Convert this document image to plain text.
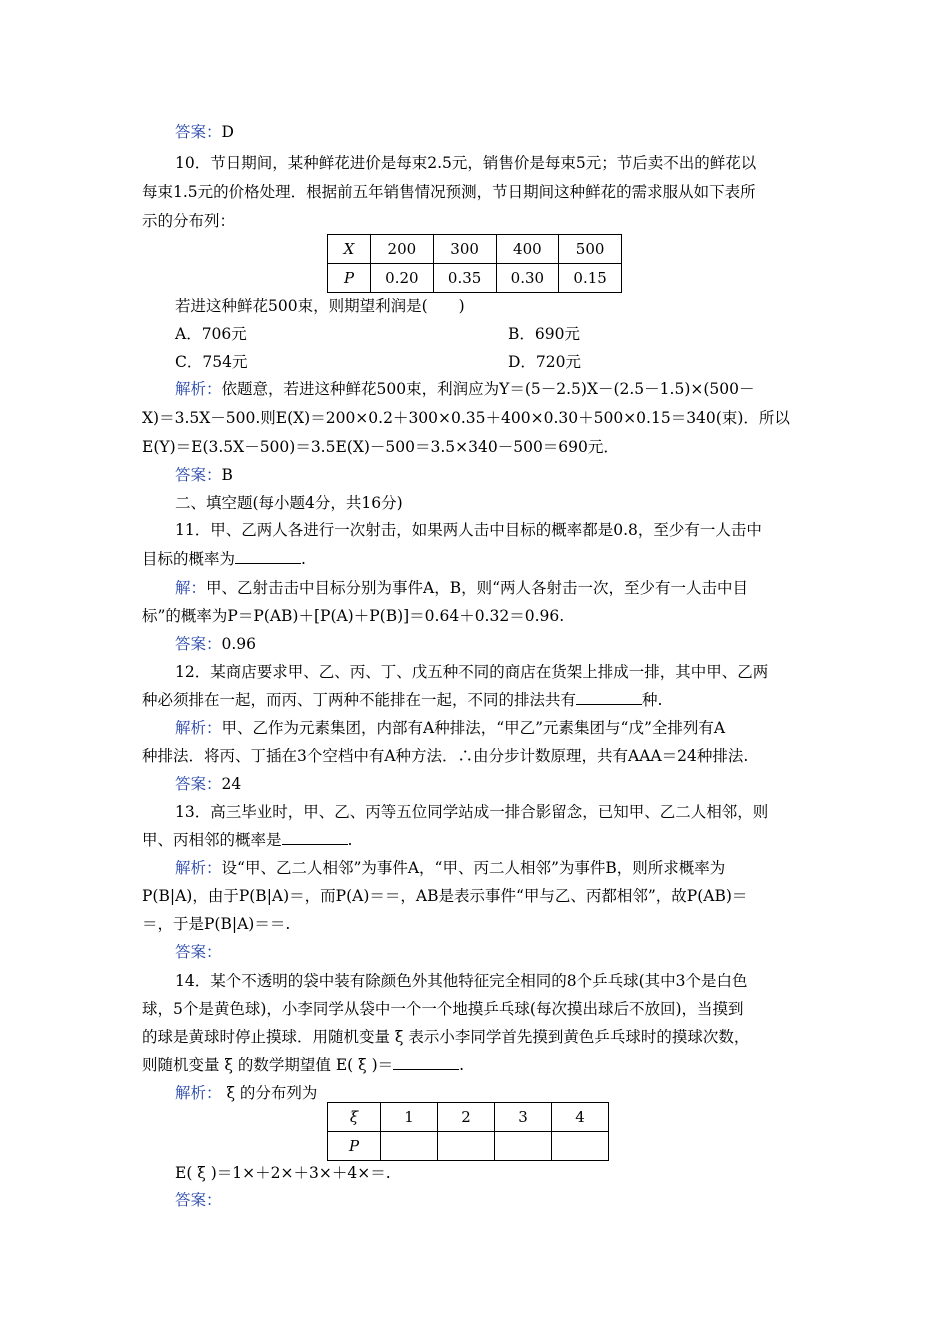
答案：D
10．节日期间，某种鲜花进价是每束2.5元，销售价是每束5元；节后卖不出的鲜花以
每束1.5元的价格处理．根据前五年销售情况预测，节日期间这种鲜花的需求服从如下表所
示的分布列：
X	200	300	400	500
P	0.20	0.35	0.30	0.15
若进这种鲜花500束，则期望利润是(　　)
A．706元	B．690元
C．754元	D．720元
解析：依题意，若进这种鲜花500束，利润应为Y＝(5－2.5)X－(2.5－1.5)×(500－
X)＝3.5X－500.则E(X)＝200×0.2＋300×0.35＋400×0.30＋500×0.15＝340(束)．所以
E(Y)＝E(3.5X－500)＝3.5E(X)－500＝3.5×340－500＝690元．
答案：B
二、填空题(每小题4分，共16分)
11．甲、乙两人各进行一次射击，如果两人击中目标的概率都是0.8，至少有一人击中
目标的概率为	.
解：甲、乙射击击中目标分别为事件A，B，则“两人各射击一次，至少有一人击中目
标”的概率为P＝P(AB)＋[P(A)＋P(B)]＝0.64＋0.32＝0.96.
答案：0.96
12．某商店要求甲、乙、丙、丁、戊五种不同的商店在货架上排成一排，其中甲、乙两
种必须排在一起，而丙、丁两种不能排在一起，不同的排法共有	种.
解析：甲、乙作为元素集团，内部有A种排法，“甲乙”元素集团与“戊”全排列有A
种排法．将丙、丁插在3个空档中有A种方法．∴由分步计数原理，共有AAA＝24种排法.
答案：24
13．高三毕业时，甲、乙、丙等五位同学站成一排合影留念，已知甲、乙二人相邻，则
甲、丙相邻的概率是	.
解析：设“甲、乙二人相邻”为事件A，“甲、丙二人相邻”为事件B，则所求概率为
P(B|A)，由于P(B|A)＝，而P(A)＝＝，AB是表示事件“甲与乙、丙都相邻”，故P(AB)＝
＝，于是P(B|A)＝＝.
答案：
14．某个不透明的袋中装有除颜色外其他特征完全相同的8个乒乓球(其中3个是白色
球，5个是黄色球)，小李同学从袋中一个一个地摸乒乓球(每次摸出球后不放回)，当摸到
的球是黄球时停止摸球．用随机变量 ξ 表示小李同学首先摸到黄色乒乓球时的摸球次数，
则随机变量 ξ 的数学期望值 E( ξ )＝	.
解析： ξ 的分布列为
ξ	1	2	3	4
P				
E( ξ )＝1×＋2×＋3×＋4×＝.
答案：
